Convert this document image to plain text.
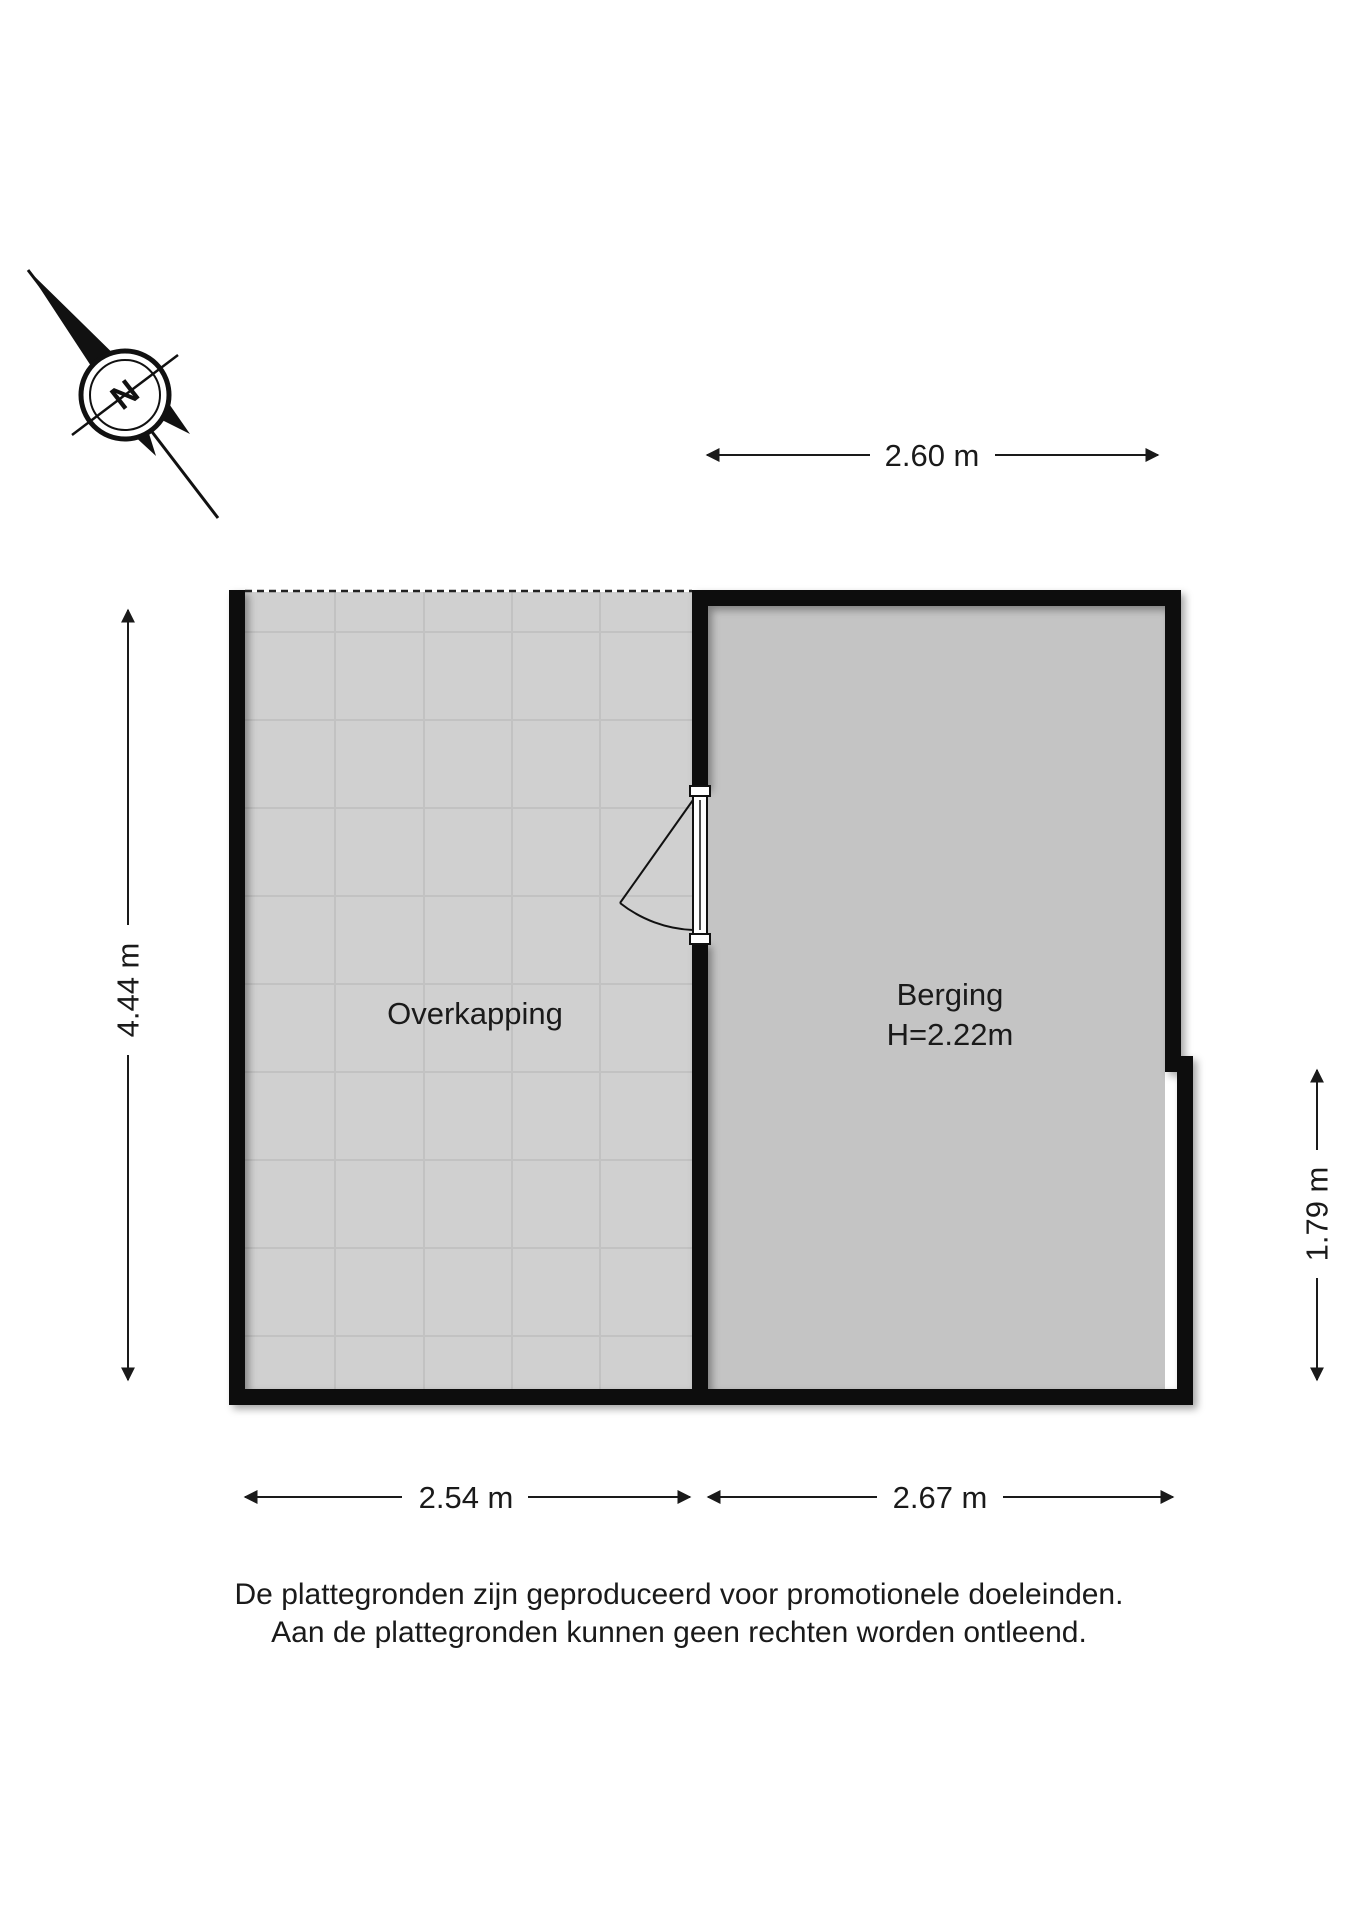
N
Overkapping
Berging
H=2.22m
2.60 m
4.44 m
1.79 m
2.54 m	2.67 m
De plattegronden zijn geproduceerd voor promotionele doeleinden.
Aan de plattegronden kunnen geen rechten worden ontleend.
